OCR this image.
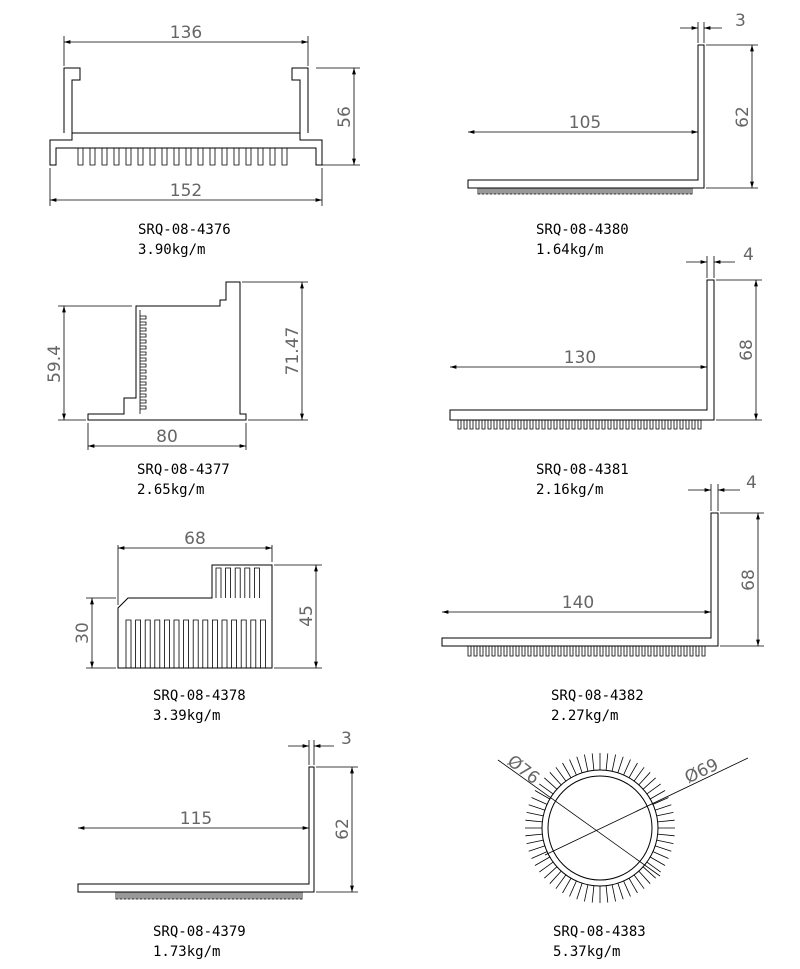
136
56
152
3
105	62
59.4	71.47
80
4
130	68
68
30
45
4
140
68
3
115	62
Ø76	Ø69
SRQ-08-4376
3.90kg/m
SRQ-08-4380
1.64kg/m
SRQ-08-4377
2.65kg/m
SRQ-08-4381
2.16kg/m
SRQ-08-4378
3.39kg/m
SRQ-08-4382
2.27kg/m
SRQ-08-4379
1.73kg/m
SRQ-08-4383
5.37kg/m
